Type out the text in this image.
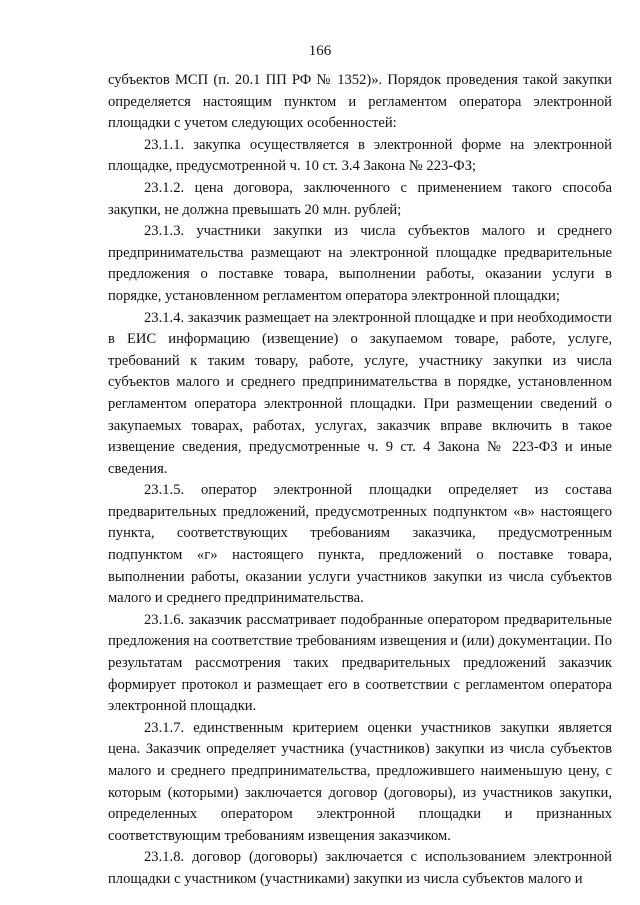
166

субъектов МСП (п. 20.1 ПП РФ № 1352)». Порядок проведения такой закупки определяется настоящим пунктом и регламентом оператора электронной площадки с учетом следующих особенностей:

23.1.1. закупка осуществляется в электронной форме на электронной площадке, предусмотренной ч. 10 ст. 3.4 Закона № 223-ФЗ;

23.1.2. цена договора, заключенного с применением такого способа закупки, не должна превышать 20 млн. рублей;

23.1.3. участники закупки из числа субъектов малого и среднего предпринимательства размещают на электронной площадке предварительные предложения о поставке товара, выполнении работы, оказании услуги в порядке, установленном регламентом оператора электронной площадки;

23.1.4. заказчик размещает на электронной площадке и при необходимости в ЕИС информацию (извещение) о закупаемом товаре, работе, услуге, требований к таким товару, работе, услуге, участнику закупки из числа субъектов малого и среднего предпринимательства в порядке, установленном регламентом оператора электронной площадки. При размещении сведений о закупаемых товарах, работах, услугах, заказчик вправе включить в такое извещение сведения, предусмотренные ч. 9 ст. 4 Закона № 223-ФЗ и иные сведения.

23.1.5. оператор электронной площадки определяет из состава предварительных предложений, предусмотренных подпунктом «в» настоящего пункта, соответствующих требованиям заказчика, предусмотренным подпунктом «г» настоящего пункта, предложений о поставке товара, выполнении работы, оказании услуги участников закупки из числа субъектов малого и среднего предпринимательства.

23.1.6. заказчик рассматривает подобранные оператором предварительные предложения на соответствие требованиям извещения и (или) документации. По результатам рассмотрения таких предварительных предложений заказчик формирует протокол и размещает его в соответствии с регламентом оператора электронной площадки.

23.1.7. единственным критерием оценки участников закупки является цена. Заказчик определяет участника (участников) закупки из числа субъектов малого и среднего предпринимательства, предложившего наименьшую цену, с которым (которыми) заключается договор (договоры), из участников закупки, определенных оператором электронной площадки и признанных соответствующим требованиям извещения заказчиком.

23.1.8. договор (договоры) заключается с использованием электронной площадки с участником (участниками) закупки из числа субъектов малого и
